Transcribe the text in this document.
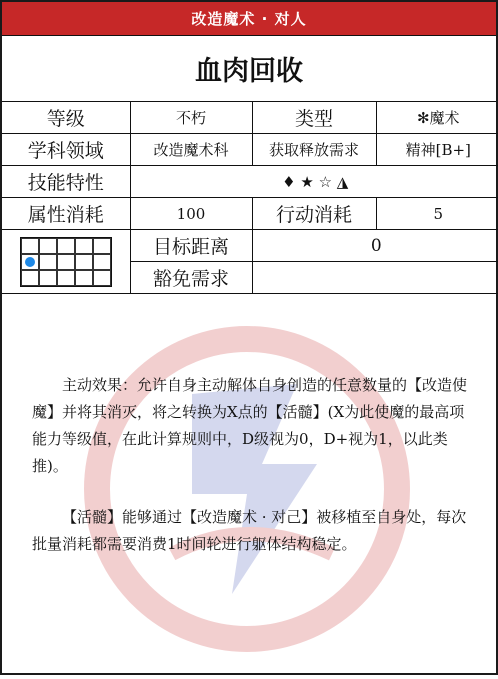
改造魔术 · 对人
血肉回收
等级	不朽	类型	✻魔术
学科领域	改造魔术科	获取释放需求	精神[B+]
技能特性	♦ ★ ☆ ◮		
属性消耗	100	行动消耗	5

	目标距离	0	
	豁免需求		

主动效果：允许自身主动解体自身创造的任意数量的【改造使魔】并将其消灭，将之转换为X点的【活髓】(X为此使魔的最高项能力等级值，在此计算规则中，D级视为0，D+视为1，以此类推)。

【活髓】能够通过【改造魔术 · 对己】被移植至自身处，每次批量消耗都需要消费1时间轮进行躯体结构稳定。
